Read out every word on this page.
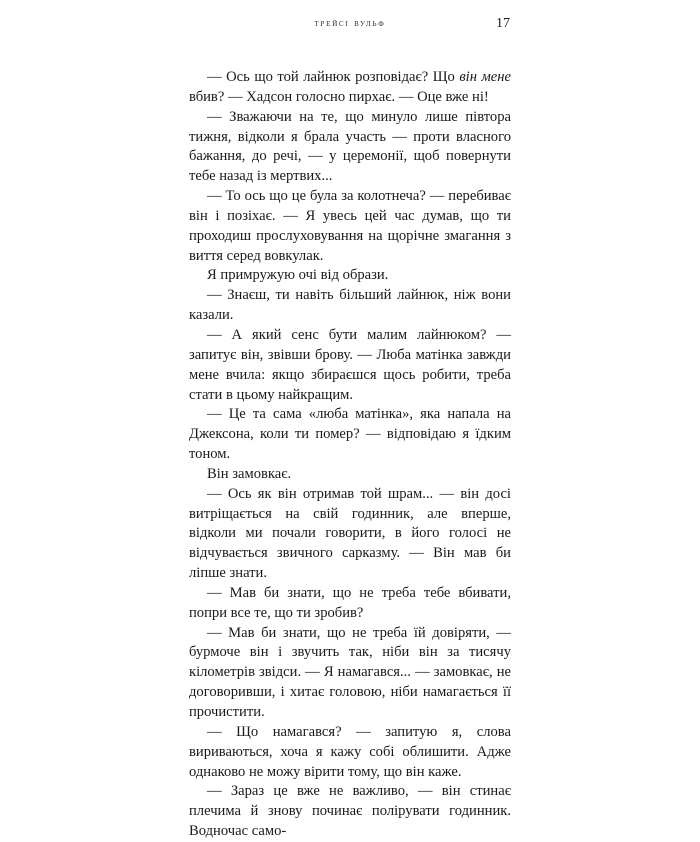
трейсі вульф	17

— Ось що той лайнюк розповідає? Що він мене вбив? — Хадсон голосно пирхає. — Оце вже ні!

— Зважаючи на те, що минуло лише півтора тижня, відколи я брала участь — проти власного бажання, до речі, — у церемонії, щоб повернути тебе назад із мертвих...

— То ось що це була за колотнеча? — перебиває він і позіхає. — Я увесь цей час думав, що ти проходиш прослуховування на щорічне змагання з виття серед вовкулак.

Я примружую очі від образи.

— Знаєш, ти навіть більший лайнюк, ніж вони казали.

— А який сенс бути малим лайнюком? — запитує він, звівши брову. — Люба матінка завжди мене вчила: якщо збираєшся щось робити, треба стати в цьому найкращим.

— Це та сама «люба матінка», яка напала на Джексона, коли ти помер? — відповідаю я їдким тоном.

Він замовкає.

— Ось як він отримав той шрам... — він досі витріщається на свій годинник, але вперше, відколи ми почали говорити, в його голосі не відчувається звичного сарказму. — Він мав би ліпше знати.

— Мав би знати, що не треба тебе вбивати, попри все те, що ти зробив?

— Мав би знати, що не треба їй довіряти, — бурмоче він і звучить так, ніби він за тисячу кілометрів звідси. — Я намагався... — замовкає, не договоривши, і хитає головою, ніби намагається її прочистити.

— Що намагався? — запитую я, слова вириваються, хоча я кажу собі облишити. Адже однаково не можу вірити тому, що він каже.

— Зараз це вже не важливо, — він стинає плечима й знову починає полірувати годинник. Водночас само-
